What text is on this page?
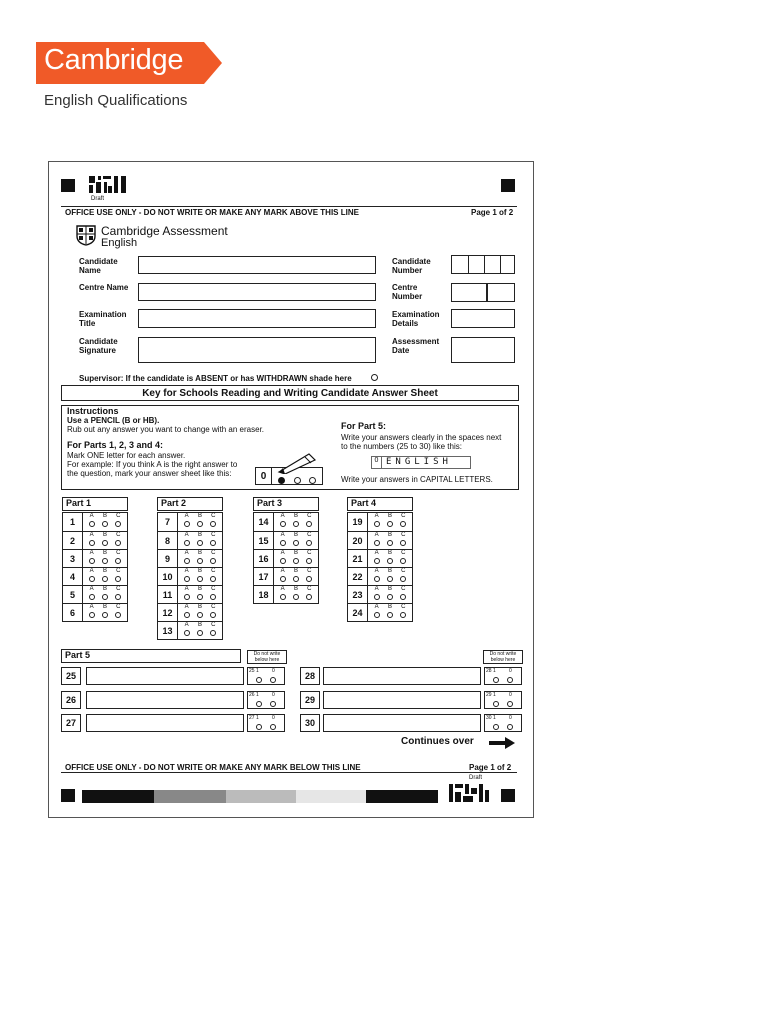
Cambridge
English Qualifications
Draft
OFFICE USE ONLY - DO NOT WRITE OR MAKE ANY MARK ABOVE THIS LINE	Page 1 of 2
Cambridge Assessment
English
Candidate Name
Centre Name
Examination Title
Candidate Signature
Candidate Number
Centre Number
Examination Details
Assessment Date
Supervisor: If the candidate is ABSENT or has WITHDRAWN shade here
Key for Schools Reading and Writing Candidate Answer Sheet
Instructions
Use a PENCIL (B or HB).
Rub out any answer you want to change with an eraser.
For Parts 1, 2, 3 and 4:
Mark ONE letter for each answer.
For example: If you think A is the right answer to
the question, mark your answer sheet like this:	0
For Part 5:
Write your answers clearly in the spaces next
to the numbers (25 to 30) like this:
0 ENGLISH
Write your answers in CAPITAL LETTERS.
Part 1
1
A B C
2
A B C
3
A B C
4
A B C
5
A B C
6
A B C
Part 2
7
A B C
8
A B C
9
A B C
10
A B C
11
A B C
12
A B C
13
A B C
Part 3
14
A B C
15
A B C
16
A B C
17
A B C
18
A B C
Part 4
19
A B C
20
A B C
21
A B C
22
A B C
23
A B C
24
A B C
Part 5	Do not write below here
Do not write below here
25	25 1	0
26	26 1	0
27	27 1	0
28	28 1	0
29	29 1	0
30	30 1	0
Continues over
OFFICE USE ONLY - DO NOT WRITE OR MAKE ANY MARK BELOW THIS LINE	Page 1 of 2
Draft
